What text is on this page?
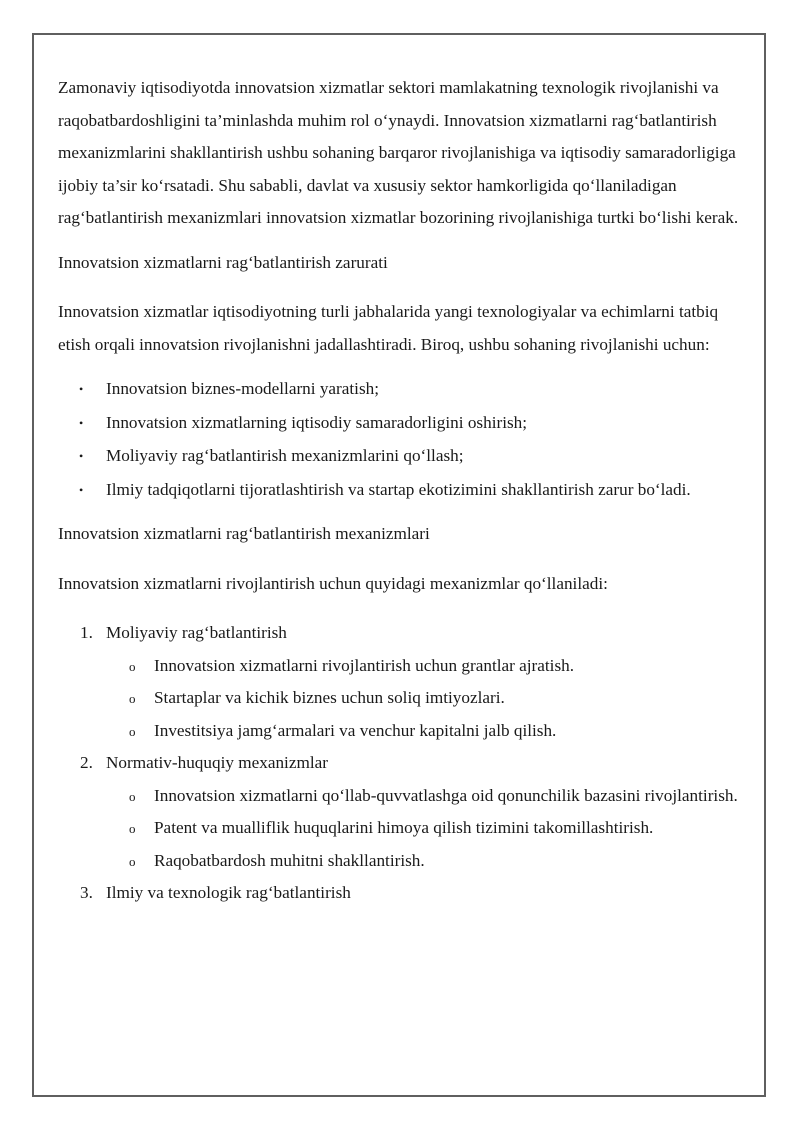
Zamonaviy iqtisodiyotda innovatsion xizmatlar sektori mamlakatning texnologik rivojlanishi va raqobatbardoshligini ta’minlashda muhim rol o‘ynaydi. Innovatsion xizmatlarni rag‘batlantirish mexanizmlarini shakllantirish ushbu sohaning barqaror rivojlanishiga va iqtisodiy samaradorligiga ijobiy ta’sir ko‘rsatadi. Shu sababli, davlat va xususiy sektor hamkorligida qo‘llaniladigan rag‘batlantirish mexanizmlari innovatsion xizmatlar bozorining rivojlanishiga turtki bo‘lishi kerak.

Innovatsion xizmatlarni rag‘batlantirish zarurati

Innovatsion xizmatlar iqtisodiyotning turli jabhalarida yangi texnologiyalar va echimlarni tatbiq etish orqali innovatsion rivojlanishni jadallashtiradi. Biroq, ushbu sohaning rivojlanishi uchun:

• Innovatsion biznes-modellarni yaratish;
• Innovatsion xizmatlarning iqtisodiy samaradorligini oshirish;
• Moliyaviy rag‘batlantirish mexanizmlarini qo‘llash;
• Ilmiy tadqiqotlarni tijoratlashtirish va startap ekotizimini shakllantirish zarur bo‘ladi.

Innovatsion xizmatlarni rag‘batlantirish mexanizmlari

Innovatsion xizmatlarni rivojlantirish uchun quyidagi mexanizmlar qo‘llaniladi:

1. Moliyaviy rag‘batlantirish
o Innovatsion xizmatlarni rivojlantirish uchun grantlar ajratish.
o Startaplar va kichik biznes uchun soliq imtiyozlari.
o Investitsiya jamg‘armalari va venchur kapitalni jalb qilish.
2. Normativ-huquqiy mexanizmlar
o Innovatsion xizmatlarni qo‘llab-quvvatlashga oid qonunchilik bazasini rivojlantirish.
o Patent va mualliflik huquqlarini himoya qilish tizimini takomillashtirish.
o Raqobatbardosh muhitni shakllantirish.
3. Ilmiy va texnologik rag‘batlantirish
